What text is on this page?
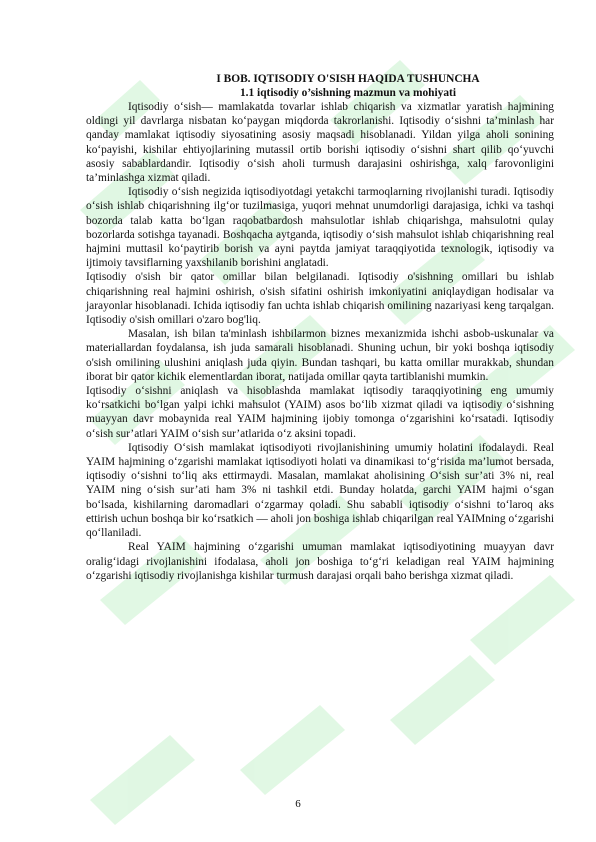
I BOB. IQTISODIY O'SISH HAQIDA TUSHUNCHA

1.1 iqtisodiy o’sishning mazmun va mohiyati

Iqtisodiy o‘sish— mamlakatda tovarlar ishlab chiqarish va xizmatlar yaratish hajmining oldingi yil davrlarga nisbatan ko‘paygan miqdorda takrorlanishi. Iqtisodiy o‘sishni ta’minlash har qanday mamlakat iqtisodiy siyosatining asosiy maqsadi hisoblanadi. Yildan yilga aholi sonining ko‘payishi, kishilar ehtiyojlarining mutassil ortib borishi iqtisodiy o‘sishni shart qilib qo‘yuvchi asosiy sabablardandir. Iqtisodiy o‘sish aholi turmush darajasini oshirishga, xalq farovonligini ta’minlashga xizmat qiladi.

Iqtisodiy o‘sish negizida iqtisodiyotdagi yetakchi tarmoqlarning rivojlanishi turadi. Iqtisodiy o‘sish ishlab chiqarishning ilg‘or tuzilmasiga, yuqori mehnat unumdorligi darajasiga, ichki va tashqi bozorda talab katta bo‘lgan raqobatbardosh mahsulotlar ishlab chiqarishga, mahsulotni qulay bozorlarda sotishga tayanadi. Boshqacha aytganda, iqtisodiy o‘sish mahsulot ishlab chiqarishning real hajmini muttasil ko‘paytirib borish va ayni paytda jamiyat taraqqiyotida texnologik, iqtisodiy va ijtimoiy tavsiflarning yaxshilanib borishini anglatadi.

Iqtisodiy o'sish bir qator omillar bilan belgilanadi. Iqtisodiy o'sishning omillari bu ishlab chiqarishning real hajmini oshirish, o'sish sifatini oshirish imkoniyatini aniqlaydigan hodisalar va jarayonlar hisoblanadi. Ichida iqtisodiy fan uchta ishlab chiqarish omilining nazariyasi keng tarqalgan. Iqtisodiy o'sish omillari o'zaro bog'liq.

Masalan, ish bilan ta'minlash ishbilarmon biznes mexanizmida ishchi asbob-uskunalar va materiallardan foydalansa, ish juda samarali hisoblanadi. Shuning uchun, bir yoki boshqa iqtisodiy o'sish omilining ulushini aniqlash juda qiyin. Bundan tashqari, bu katta omillar murakkab, shundan iborat bir qator kichik elementlardan iborat, natijada omillar qayta tartiblanishi mumkin.

Iqtisodiy o‘sishni aniqlash va hisoblashda mamlakat iqtisodiy taraqqiyotining eng umumiy ko‘rsatkichi bo‘lgan yalpi ichki mahsulot (YAIM) asos bo‘lib xizmat qiladi va iqtisodiy o‘sishning muayyan davr mobaynida real YAIM hajmining ijobiy tomonga o‘zgarishini ko‘rsatadi. Iqtisodiy o‘sish sur’atlari YAIM o‘sish sur’atlarida o‘z aksini topadi.

Iqtisodiy O‘sish mamlakat iqtisodiyoti rivojlanishining umumiy holatini ifodalaydi. Real YAIM hajmining o‘zgarishi mamlakat iqtisodiyoti holati va dinamikasi to‘g‘risida ma’lumot bersada, iqtisodiy o‘sishni to‘liq aks ettirmaydi. Masalan, mamlakat aholisining O‘sish sur’ati 3% ni, real YAIM ning o‘sish sur’ati ham 3% ni tashkil etdi. Bunday holatda, garchi YAIM hajmi o‘sgan bo‘lsada, kishilarning daromadlari o‘zgarmay qoladi. Shu sababli iqtisodiy o‘sishni to‘laroq aks ettirish uchun boshqa bir ko‘rsatkich — aholi jon boshiga ishlab chiqarilgan real YAIMning o‘zgarishi qo‘llaniladi.

Real YAIM hajmining o‘zgarishi umuman mamlakat iqtisodiyotining muayyan davr oralig‘idagi rivojlanishini ifodalasa, aholi jon boshiga to‘g‘ri keladigan real YAIM hajmining o‘zgarishi iqtisodiy rivojlanishga kishilar turmush darajasi orqali baho berishga xizmat qiladi.

6
